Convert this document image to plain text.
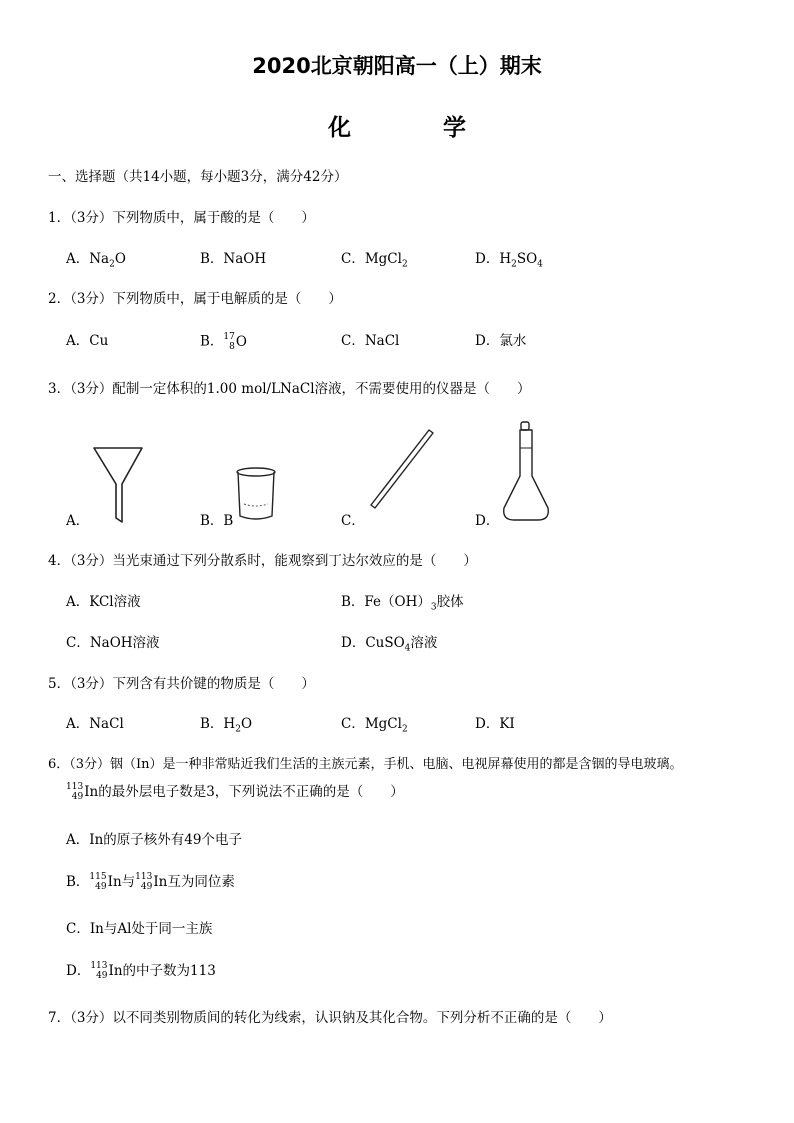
2020北京朝阳高一（上）期末
化 学
一、选择题（共14小题，每小题3分，满分42分）
1．（3分）下列物质中，属于酸的是（　　）
A．$Na_2O$	B．NaOH	C．MgCl$_2$	D．$H_2SO_4$
2．（3分）下列物质中，属于电解质的是（　　）
A．Cu	B． 17
8 O	C．NaCl	D．氯水
3．（3分）配制一定体积的1.00 mol/LNaCl溶液，不需要使用的仪器是（　　）
A．	B．B	C．	D．
4．（3分）当光束通过下列分散系时，能观察到丁达尔效应的是（　　）
A．KCl溶液	B．$Fe(OH)_3$胶体
C．NaOH溶液	D．CuSO$_4$溶液
5．（3分）下列含有共价键的物质是（　　）
A．NaCl	B．$H_2O$	C．MgCl$_2$	D．KI
6．（3分）铟（In）是一种非常贴近我们生活的主族元素，手机、电脑、电视屏幕使用的都是含铟的导电玻璃。
113
49 In的最外层电子数是3，下列说法不正确的是（　　）
A．In的原子核外有49个电子
B． 115
49 In与 113
49 In互为同位素
C．In与Al处于同一主族
D． 113
49 In的中子数为113
7．（3分）以不同类别物质间的转化为线索，认识钠及其化合物。下列分析不正确的是（　　）
